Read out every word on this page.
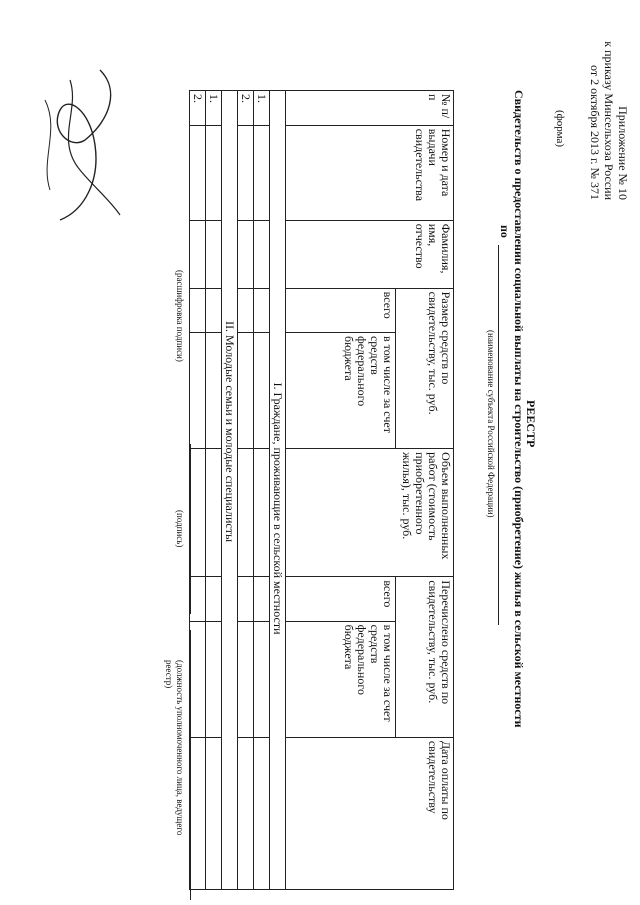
Приложение № 10
к приказу Минсельхоза России
от 2 октября 2013 г. № 371
(форма)
РЕЕСТР
Свидетельств о предоставлении социальной выплаты на строительство (приобретение) жилья в сельской местности
по
(наименование субъекта Российской Федерации)
№ п/п	Номер и дата выдачи свидетельства	Фамилия, имя, отчество	Размер средств по свидетельству, тыс. руб.		Объем выполненных работ (стоимость приобретенного жилья), тыс. руб.	Перечислено средств по свидетельству, тыс. руб.		Дата оплаты по свидетельству
			всего	в том числе за счет средств федерального бюджета		всего	в том числе за счет средств федерального бюджета	
I. Граждане, проживающие в сельской местности								
1.								
2.								
II. Молодые семьи и молодые специалисты								
1.								
2.								
(расшифровка подписи)
(подпись)
(должность уполномоченного лица, ведущего реестр)
